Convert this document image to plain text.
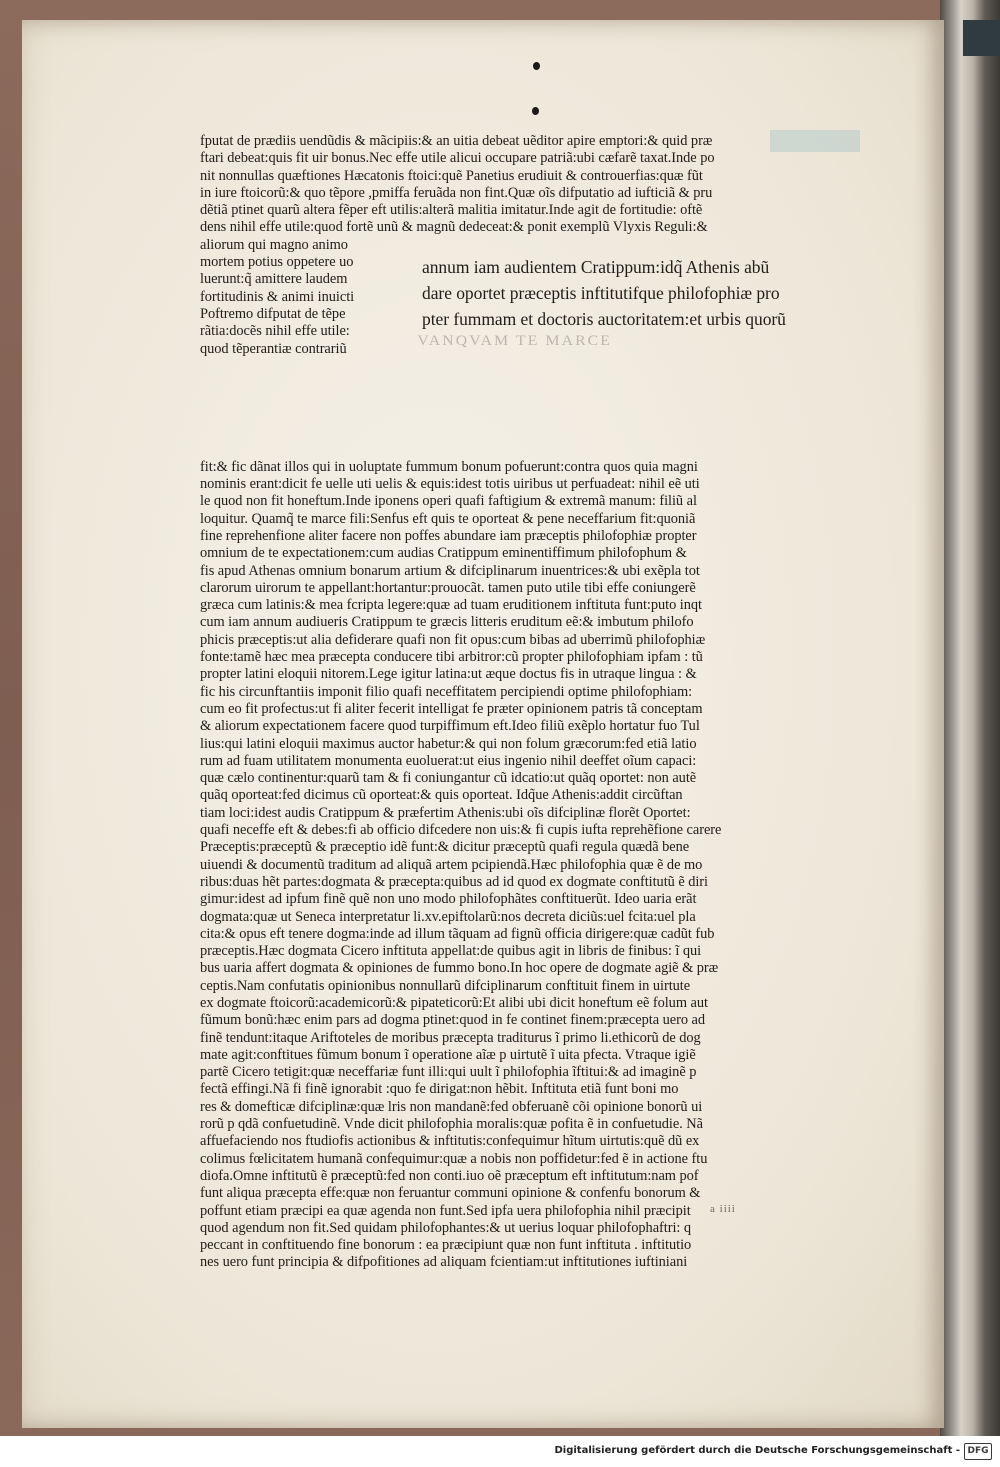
fputat de prædiis uendũdis & mãcipiis:& an uitia debeat uẽditor apire emptori:& quid præ
ftari debeat:quis fit uir bonus.Nec effe utile alicui occupare patriã:ubi cæfarẽ taxat.Inde po
nit nonnullas quæftiones Hæcatonis ftoici:quẽ Panetius erudiuit & controuerfias:quæ fũt
in iure ftoicorũ:& quo tẽpore ,pmiffa feruãda non fint.Quæ oĩs difputatio ad iufticiã & pru
dẽtiã ptinet quarũ altera fẽper eft utilis:alterã malitia imitatur.Inde agit de fortitudie: oftẽ
dens nihil effe utile:quod fortẽ unũ & magnũ dedeceat:& ponit exemplũ Vlyxis Reguli:&
aliorum qui magno animo
mortem potius oppetere uo
luerunt:q̃ amittere laudem
fortitudinis & animi inuicti
Poftremo difputat de tẽpe
rãtia:docẽs nihil effe utile:
quod tẽperantiæ contrariũ
annum iam audientem Cratippum:idq̃ Athenis abũ
dare oportet præceptis inftitutifque philofophiæ pro
pter fummam et doctoris auctoritatem:et urbis quorũ
VANQVAM TE MARCE
fit:& fic dãnat illos qui in uoluptate fummum bonum pofuerunt:contra quos quia magni
nominis erant:dicit fe uelle uti uelis & equis:idest totis uiribus ut perfuadeat: nihil eẽ uti
le quod non fit honeftum.Inde iponens operi quafi faftigium & extremã manum: filiũ al
loquitur. Quamq̃ te marce fili:Senfus eft quis te oporteat & pene neceffarium fit:quoniã
fine reprehenfione aliter facere non poffes abundare iam præceptis philofophiæ propter
omnium de te expectationem:cum audias Cratippum eminentiffimum philofophum &
fis apud Athenas omnium bonarum artium & difciplinarum inuentrices:& ubi exẽpla tot
clarorum uirorum te appellant:hortantur:prouocãt. tamen puto utile tibi effe coniungerẽ
græca cum latinis:& mea fcripta legere:quæ ad tuam eruditionem inftituta funt:puto inqt
cum iam annum audiueris Cratippum te græcis litteris eruditum eẽ:& imbutum philofo
phicis præceptis:ut alia defiderare quafi non fit opus:cum bibas ad uberrimũ philofophiæ
fonte:tamẽ hæc mea præcepta conducere tibi arbitror:cũ propter philofophiam ipfam : tũ
propter latini eloquii nitorem.Lege igitur latina:ut æque doctus fis in utraque lingua : &
fic his circunftantiis imponit filio quafi neceffitatem percipiendi optime philofophiam:
cum eo fit profectus:ut fi aliter fecerit intelligat fe præter opinionem patris tã conceptam
& aliorum expectationem facere quod turpiffimum eft.Ideo filiũ exẽplo hortatur fuo Tul
lius:qui latini eloquii maximus auctor habetur:& qui non folum græcorum:fed etiã latio
rum ad fuam utilitatem monumenta euoluerat:ut eius ingenio nihil deeffet oĩum capaci:
quæ cælo continentur:quarũ tam & fi coniungantur cũ idcatio:ut quãq oportet: non autẽ
quãq oporteat:fed dicimus cũ oporteat:& quis oporteat. Idq̃ue Athenis:addit circũftan
tiam loci:idest audis Cratippum & præfertim Athenis:ubi oĩs difciplinæ florẽt Oportet:
quafi neceffe eft & debes:fi ab officio difcedere non uis:& fi cupis iufta reprehẽfione carere
Præceptis:præceptũ & præceptio idẽ funt:& dicitur præceptũ quafi regula quædã bene
uiuendi & documentũ traditum ad aliquã artem pcipiendã.Hæc philofophia quæ ẽ de mo
ribus:duas hẽt partes:dogmata & præcepta:quibus ad id quod ex dogmate conftitutũ ẽ diri
gimur:idest ad ipfum finẽ quẽ non uno modo philofophãtes conftituerũt. Ideo uaria erãt
dogmata:quæ ut Seneca interpretatur li.xv.epiftolarũ:nos decreta diciũs:uel fcita:uel pla
cita:& opus eft tenere dogma:inde ad illum tãquam ad fignũ officia dirigere:quæ cadũt fub
præceptis.Hæc dogmata Cicero inftituta appellat:de quibus agit in libris de finibus: ĩ qui
bus uaria affert dogmata & opiniones de fummo bono.In hoc opere de dogmate agiẽ & præ
ceptis.Nam confutatis opinionibus nonnullarũ difciplinarum conftituit finem in uirtute
ex dogmate ftoicorũ:academicorũ:& pipateticorũ:Et alibi ubi dicit honeftum eẽ folum aut
fũmum bonũ:hæc enim pars ad dogma ptinet:quod in fe continet finem:præcepta uero ad
finẽ tendunt:itaque Ariftoteles de moribus præcepta traditurus ĩ primo li.ethicorũ de dog
mate agit:conftitues fũmum bonum ĩ operatione aĩæ p uirtutẽ ĩ uita pfecta. Vtraque igiẽ
partẽ Cicero tetigit:quæ neceffariæ funt illi:qui uult ĩ philofophia ĩftitui:& ad imaginẽ p
fectã effingi.Nã fi finẽ ignorabit :quo fe dirigat:non hẽbit. Inftituta etiã funt boni mo
res & domefticæ difciplinæ:quæ lris non mandanẽ:fed obferuanẽ cõi opinione bonorũ ui
rorũ p qdã confuetudinẽ. Vnde dicit philofophia moralis:quæ pofita ẽ in confuetudie. Nã
affuefaciendo nos ftudiofis actionibus & inftitutis:confequimur hĩtum uirtutis:quẽ dũ ex
colimus fœlicitatem humanã confequimur:quæ a nobis non poffidetur:fed ẽ in actione ftu
diofa.Omne inftitutũ ẽ præceptũ:fed non conti.iuo oẽ præceptum eft inftitutum:nam pof
funt aliqua præcepta effe:quæ non feruantur communi opinione & confenfu bonorum &
poffunt etiam præcipi ea quæ agenda non funt.Sed ipfa uera philofophia nihil præcipit
quod agendum non fit.Sed quidam philofophantes:& ut uerius loquar philofophaftri: q
peccant in conftituendo fine bonorum : ea præcipiunt quæ non funt inftituta . inftitutio
nes uero funt principia & difpofitiones ad aliquam fcientiam:ut inftitutiones iuftiniani
a iiii
Digitalisierung gefördert durch die Deutsche Forschungsgemeinschaft - DFG
